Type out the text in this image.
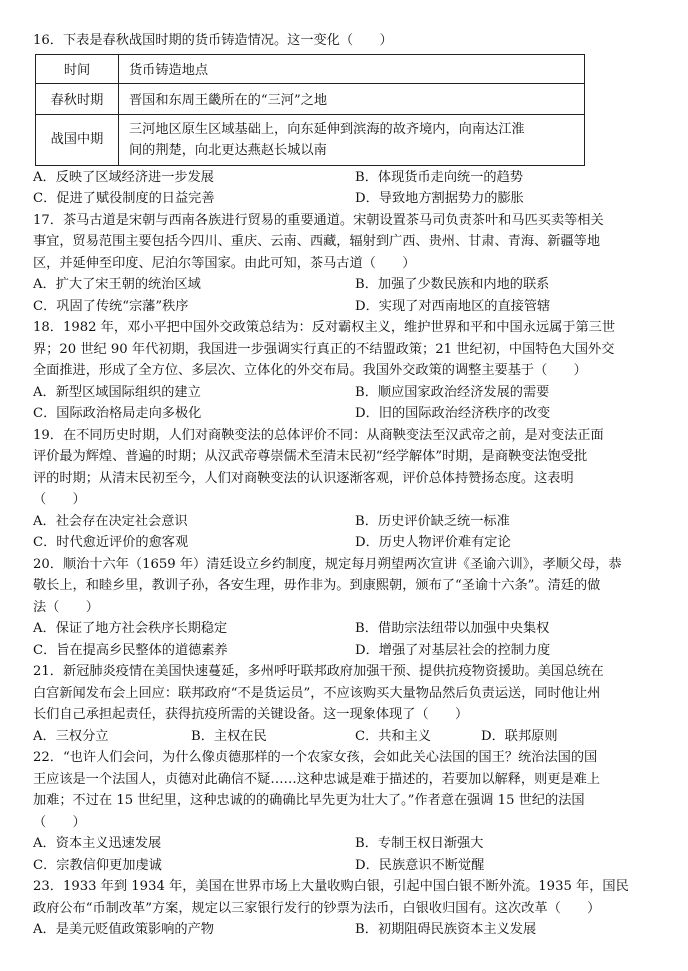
16．下表是春秋战国时期的货币铸造情况。这一变化（　　）
时间	货币铸造地点

春秋时期	晋国和东周王畿所在的“三河”之地

战国中期	三河地区原生区域基础上，向东延伸到滨海的故齐境内，向南达江淮
间的荆楚，向北更达燕赵长城以南
A．反映了区域经济进一步发展	B．体现货币走向统一的趋势
C．促进了赋役制度的日益完善	D．导致地方割据势力的膨胀
17．茶马古道是宋朝与西南各族进行贸易的重要通道。宋朝设置茶马司负责茶叶和马匹买卖等相关
事宜，贸易范围主要包括今四川、重庆、云南、西藏，辐射到广西、贵州、甘肃、青海、新疆等地
区，并延伸至印度、尼泊尔等国家。由此可知，茶马古道（　　）
A．扩大了宋王朝的统治区域	B．加强了少数民族和内地的联系
C．巩固了传统“宗藩”秩序	D．实现了对西南地区的直接管辖
18．1982 年，邓小平把中国外交政策总结为：反对霸权主义，维护世界和平和中国永远属于第三世
界；20 世纪 90 年代初期，我国进一步强调实行真正的不结盟政策；21 世纪初，中国特色大国外交
全面推进，形成了全方位、多层次、立体化的外交布局。我国外交政策的调整主要基于（　　）
A．新型区域国际组织的建立	B．顺应国家政治经济发展的需要
C．国际政治格局走向多极化	D．旧的国际政治经济秩序的改变
19．在不同历史时期，人们对商鞅变法的总体评价不同：从商鞅变法至汉武帝之前，是对变法正面
评价最为辉煌、普遍的时期；从汉武帝尊崇儒术至清末民初“经学解体”时期，是商鞅变法饱受批
评的时期；从清末民初至今，人们对商鞅变法的认识逐渐客观，评价总体持赞扬态度。这表明
（　　）
A．社会存在决定社会意识	B．历史评价缺乏统一标准
C．时代愈近评价的愈客观	D．历史人物评价难有定论
20．顺治十六年（1659 年）清廷设立乡约制度，规定每月朔望两次宣讲《圣谕六训》，孝顺父母，恭
敬长上，和睦乡里，教训子孙，各安生理，毋作非为。到康熙朝，颁布了“圣谕十六条”。清廷的做
法（　　）
A．保证了地方社会秩序长期稳定	B．借助宗法纽带以加强中央集权
C．旨在提高乡民整体的道德素养	D．增强了对基层社会的控制力度
21．新冠肺炎疫情在美国快速蔓延，多州呼吁联邦政府加强干预、提供抗疫物资援助。美国总统在
白宫新闻发布会上回应：联邦政府“不是货运员”，不应该购买大量物品然后负责运送，同时他让州
长们自己承担起责任，获得抗疫所需的关键设备。这一现象体现了（　　）
A．三权分立	B．主权在民	C．共和主义	D．联邦原则
22．“也许人们会问，为什么像贞德那样的一个农家女孩，会如此关心法国的国王？统治法国的国
王应该是一个法国人，贞德对此确信不疑……这种忠诚是难于描述的，若要加以解释，则更是难上
加难；不过在 15 世纪里，这种忠诚的的确确比早先更为壮大了。”作者意在强调 15 世纪的法国
（　　）
A．资本主义迅速发展	B．专制王权日渐强大
C．宗教信仰更加虔诚	D．民族意识不断觉醒
23．1933 年到 1934 年，美国在世界市场上大量收购白银，引起中国白银不断外流。1935 年，国民
政府公布“币制改革”方案，规定以三家银行发行的钞票为法币，白银收归国有。这次改革（　　）
A．是美元贬值政策影响的产物	B．初期阻碍民族资本主义发展
